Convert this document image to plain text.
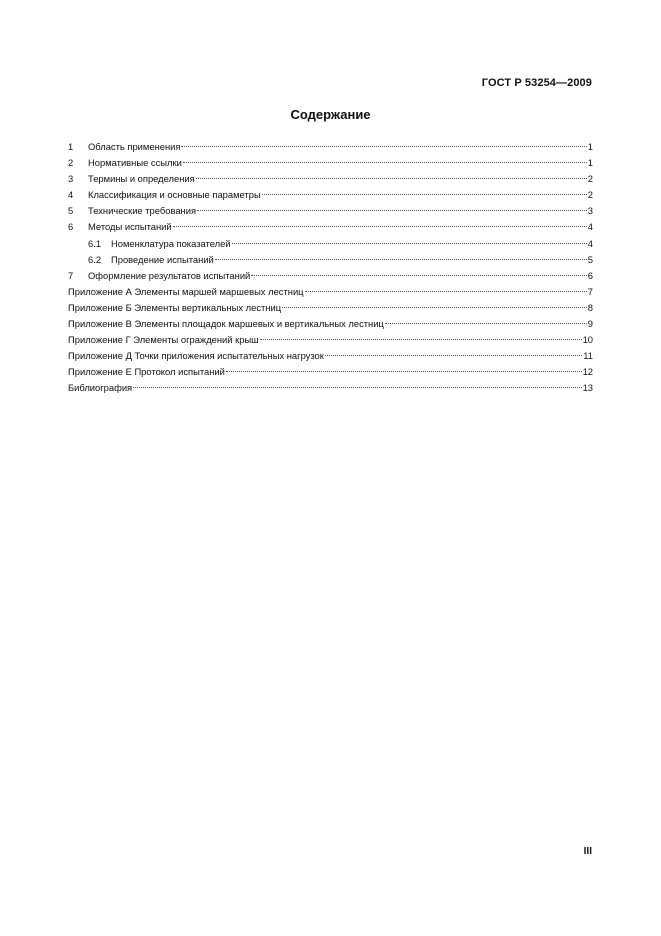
ГОСТ Р 53254—2009
Содержание
1	Область применения	1
2	Нормативные ссылки	1
3	Термины и определения	2
4	Классификация и основные параметры	2
5	Технические требования	3
6	Методы испытаний	4
6.1	Номенклатура показателей	4
6.2	Проведение испытаний	5
7	Оформление результатов испытаний	6
Приложение А Элементы маршей маршевых лестниц	7
Приложение Б Элементы вертикальных лестниц	8
Приложение В Элементы площадок маршевых и вертикальных лестниц	9
Приложение Г Элементы ограждений крыш	10
Приложение Д Точки приложения испытательных нагрузок	11
Приложение Е Протокол испытаний	12
Библиография	13
III
